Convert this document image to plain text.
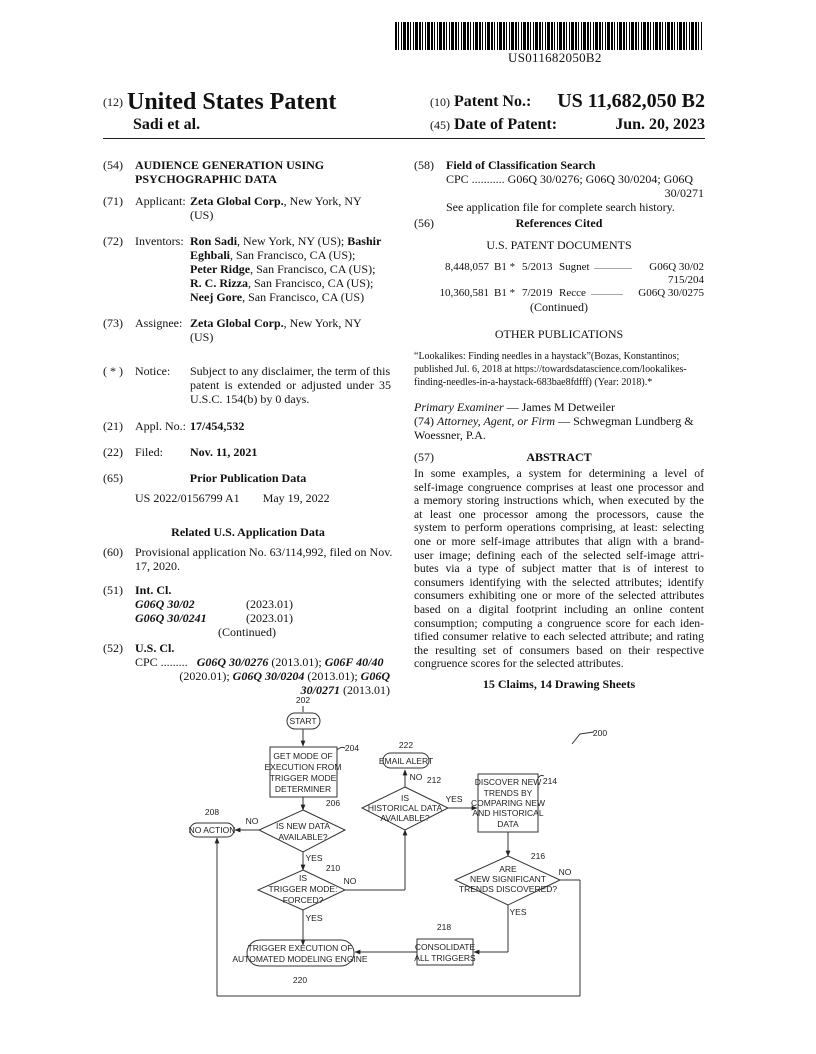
US011682050B2
(12) United States Patent
Sadi et al.
(10) Patent No.: US 11,682,050 B2
(45) Date of Patent:	Jun. 20, 2023
(54) AUDIENCE GENERATION USING
PSYCHOGRAPHIC DATA
(71) Applicant: Zeta Global Corp., New York, NY
(US)
(72) Inventors: Ron Sadi, New York, NY (US); Bashir
Eghbali, San Francisco, CA (US);
Peter Ridge, San Francisco, CA (US);
R. C. Rizza, San Francisco, CA (US);
Neej Gore, San Francisco, CA (US)
(73) Assignee: Zeta Global Corp., New York, NY
(US)
( * ) Notice: Subject to any disclaimer, the term of this
patent is extended or adjusted under 35
U.S.C. 154(b) by 0 days.
(21) Appl. No.: 17/454,532
(22) Filed: Nov. 11, 2021
(65)	Prior Publication Data
US 2022/0156799 A1 May 19, 2022
Related U.S. Application Data
(60) Provisional application No. 63/114,992, filed on Nov.
17, 2020.
(51) Int. Cl.
G06Q 30/02	(2023.01)
G06Q 30/0241	(2023.01)
(Continued)
(52) U.S. Cl.
CPC ......... G06Q 30/0276 (2013.01); G06F 40/40
(2020.01); G06Q 30/0204 (2013.01); G06Q
30/0271 (2013.01)
(58) Field of Classification Search
CPC ........... G06Q 30/0276; G06Q 30/0204; G06Q
30/0271
See application file for complete search history.
(56)	References Cited
U.S. PATENT DOCUMENTS
8,448,057 B1 * 5/2013 Sugnet ................... G06Q 30/02
715/204
10,360,581 B1 * 7/2019 Recce ................ G06Q 30/0275
(Continued)
OTHER PUBLICATIONS
“Lookalikes: Finding needles in a haystack”(Bozas, Konstantinos;
published Jul. 6, 2018 at https://towardsdatascience.com/lookalikes-
finding-needles-in-a-haystack-683bae8fdfff) (Year: 2018).*
Primary Examiner — James M Detweiler
(74) Attorney, Agent, or Firm — Schwegman Lundberg &
Woessner, P.A.
(57)	ABSTRACT
In some examples, a system for determining a level of
self-image congruence comprises at least one processor and
a memory storing instructions which, when executed by the
at least one processor among the processors, cause the
system to perform operations comprising, at least: selecting
one or more self-image attributes that align with a brand-
user image; defining each of the selected self-image attri-
butes via a type of subject matter that is of interest to
consumers identifying with the selected attributes; identify
consumers exhibiting one or more of the selected attributes
based on a digital footprint including an online content
consumption; computing a congruence score for each iden-
tified consumer relative to each selected attribute; and rating
the resulting set of consumers based on their respective
congruence scores for the selected attributes.
15 Claims, 14 Drawing Sheets
200
202
START
204
GET MODE OF
EXECUTION FROM
TRIGGER MODE
DETERMINER
206
IS NEW DATA
AVAILABLE?
NO
YES
208
NO ACTION
210
IS
TRIGGER MODE:
FORCED?
NO
YES
222
EMAIL ALERT
NO 212
IS
HISTORICAL DATA
AVAILABLE?
YES
214
DISCOVER NEW
TRENDS BY
COMPARING NEW
AND HISTORICAL
DATA
216
ARE
NEW SIGNIFICANT
TRENDS DISCOVERED?
NO
YES
218
CONSOLIDATE
ALL TRIGGERS
TRIGGER EXECUTION OF
AUTOMATED MODELING ENGINE
220
